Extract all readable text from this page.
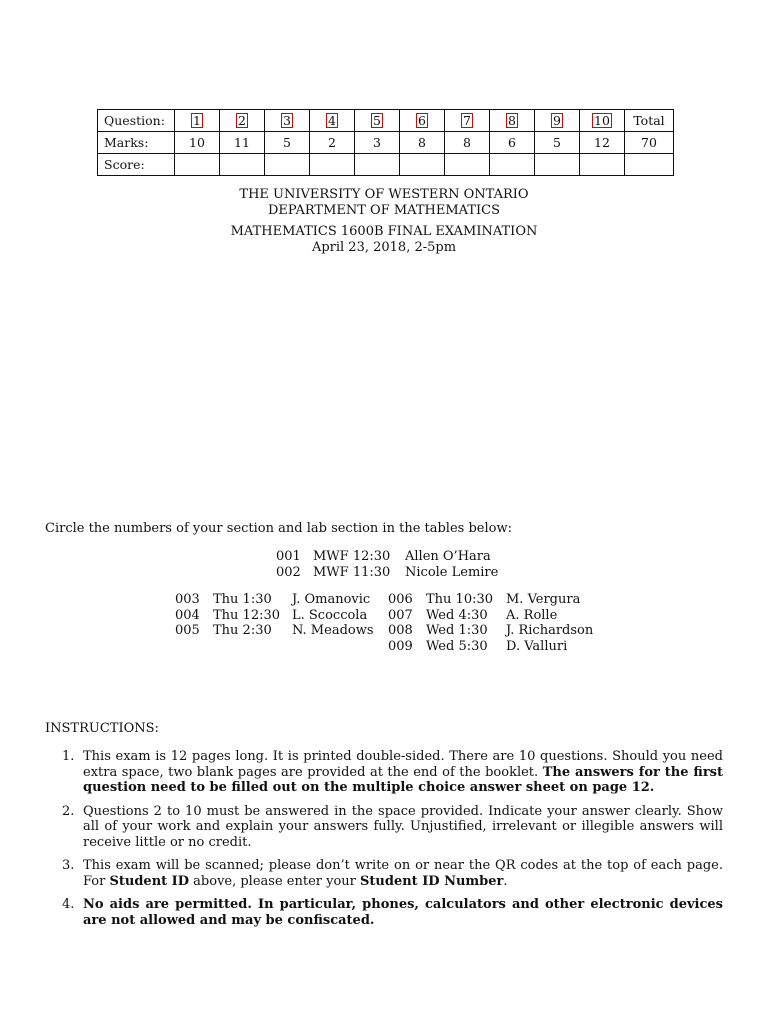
Question:	1	2	3	4	5	6	7	8	9	10	Total
Marks:	10	11	5	2	3	8	8	6	5	12	70
Score:											
THE UNIVERSITY OF WESTERN ONTARIO
DEPARTMENT OF MATHEMATICS
MATHEMATICS 1600B FINAL EXAMINATION
April 23, 2018, 2-5pm
Circle the numbers of your section and lab section in the tables below:
001 MWF 12:30 Allen O’Hara
002 MWF 11:30 Nicole Lemire
003 Thu 1:30 J. Omanovic
004 Thu 12:30 L. Scoccola
005 Thu 2:30 N. Meadows
006 Thu 10:30 M. Vergura
007 Wed 4:30 A. Rolle
008 Wed 1:30 J. Richardson
009 Wed 5:30 D. Valluri
INSTRUCTIONS:
1. This exam is 12 pages long. It is printed double-sided. There are 10 questions. Should you need extra space, two blank pages are provided at the end of the booklet. The answers for the first question need to be filled out on the multiple choice answer sheet on page 12.
2. Questions 2 to 10 must be answered in the space provided. Indicate your answer clearly. Show all of your work and explain your answers fully. Unjustified, irrelevant or illegible answers will receive little or no credit.
3. This exam will be scanned; please don’t write on or near the QR codes at the top of each page. For Student ID above, please enter your Student ID Number.
4. No aids are permitted. In particular, phones, calculators and other electronic devices are not allowed and may be confiscated.
